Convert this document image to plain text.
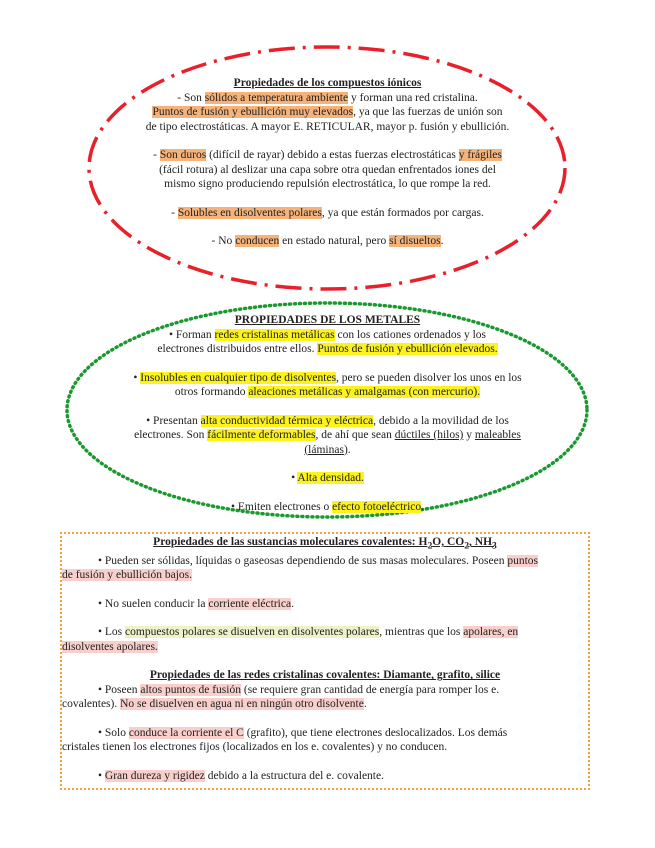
Propiedades de los compuestos iónicos

- Son sólidos a temperatura ambiente y forman una red cristalina.

Puntos de fusión y ebullición muy elevados, ya que las fuerzas de unión son

de tipo electrostáticas. A mayor E. RETICULAR, mayor p. fusión y ebullición.

- Son duros (difícil de rayar) debido a estas fuerzas electrostáticas y frágiles

(fácil rotura) al deslizar una capa sobre otra quedan enfrentados iones del

mismo signo produciendo repulsión electrostática, lo que rompe la red.

- Solubles en disolventes polares, ya que están formados por cargas.

- No conducen en estado natural, pero sí disueltos.

PROPIEDADES DE LOS METALES

• Forman redes cristalinas metálicas con los cationes ordenados y los

electrones distribuidos entre ellos. Puntos de fusión y ebullición elevados.

• Insolubles en cualquier tipo de disolventes, pero se pueden disolver los unos en los

otros formando aleaciones metálicas y amalgamas (con mercurio).

• Presentan alta conductividad térmica y eléctrica, debido a la movilidad de los

electrones. Son fácilmente deformables, de ahí que sean dúctiles (hilos) y maleables

(láminas).

• Alta densidad.

• Emiten electrones o efecto fotoeléctrico.

Propiedades de las sustancias moleculares covalentes: $H_2O$, $CO_2$, $NH_3$

• Pueden ser sólidas, líquidas o gaseosas dependiendo de sus masas moleculares. Poseen puntos

de fusión y ebullición bajos.

• No suelen conducir la corriente eléctrica.

• Los compuestos polares se disuelven en disolventes polares, mientras que los apolares, en

disolventes apolares.

Propiedades de las redes cristalinas covalentes: Diamante, grafito, silice

• Poseen altos puntos de fusión (se requiere gran cantidad de energía para romper los e.

covalentes). No se disuelven en agua ni en ningún otro disolvente.

• Solo conduce la corriente el C (grafito), que tiene electrones deslocalizados. Los demás

cristales tienen los electrones fijos (localizados en los e. covalentes) y no conducen.

• Gran dureza y rigidez debido a la estructura del e. covalente.
